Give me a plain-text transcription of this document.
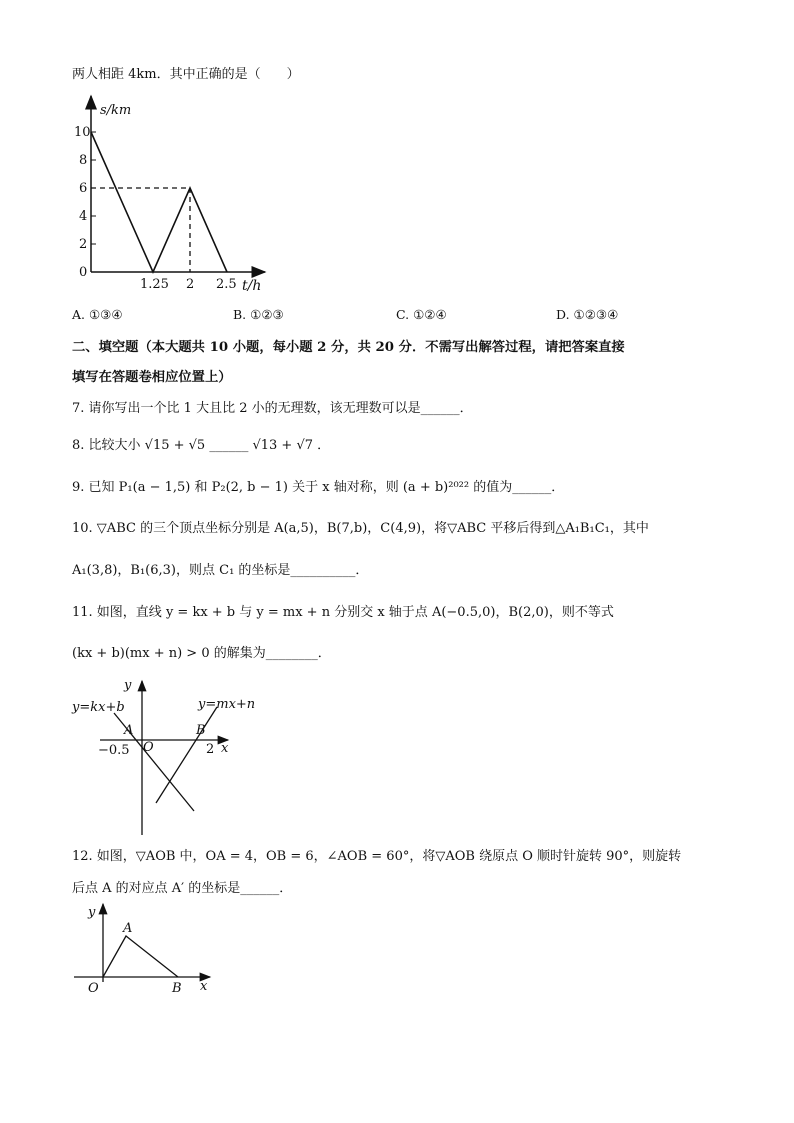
两人相距 4km．其中正确的是（　　）
10
8
6
4
2
0
s/km
1.25 2 2.5 t/h
A. ①③④	B. ①②③	C. ①②④	D. ①②③④
二、填空题（本大题共 10 小题，每小题 2 分，共 20 分．不需写出解答过程，请把答案直接
填写在答题卷相应位置上）
7. 请你写出一个比 1 大且比 2 小的无理数，该无理数可以是______．
8. 比较大小 √15 + √5 ______ √13 + √7 ．
9. 已知 P₁(a − 1,5) 和 P₂(2, b − 1) 关于 x 轴对称，则 (a + b)²⁰²² 的值为______．
10. ▽ABC 的三个顶点坐标分别是 A(a,5)，B(7,b)，C(4,9)，将▽ABC 平移后得到△A₁B₁C₁，其中
A₁(3,8)，B₁(6,3)，则点 C₁ 的坐标是__________．
11. 如图，直线 y = kx + b 与 y = mx + n 分别交 x 轴于点 A(−0.5,0)，B(2,0)，则不等式
(kx + b)(mx + n) > 0 的解集为________．
y=kx+b	y=mx+n
y
x
A	B
O
−0.5	2
12. 如图，▽AOB 中，OA = 4，OB = 6，∠AOB = 60°，将▽AOB 绕原点 O 顺时针旋转 90°，则旋转
后点 A 的对应点 A′ 的坐标是______．
y
x
A
B
O
